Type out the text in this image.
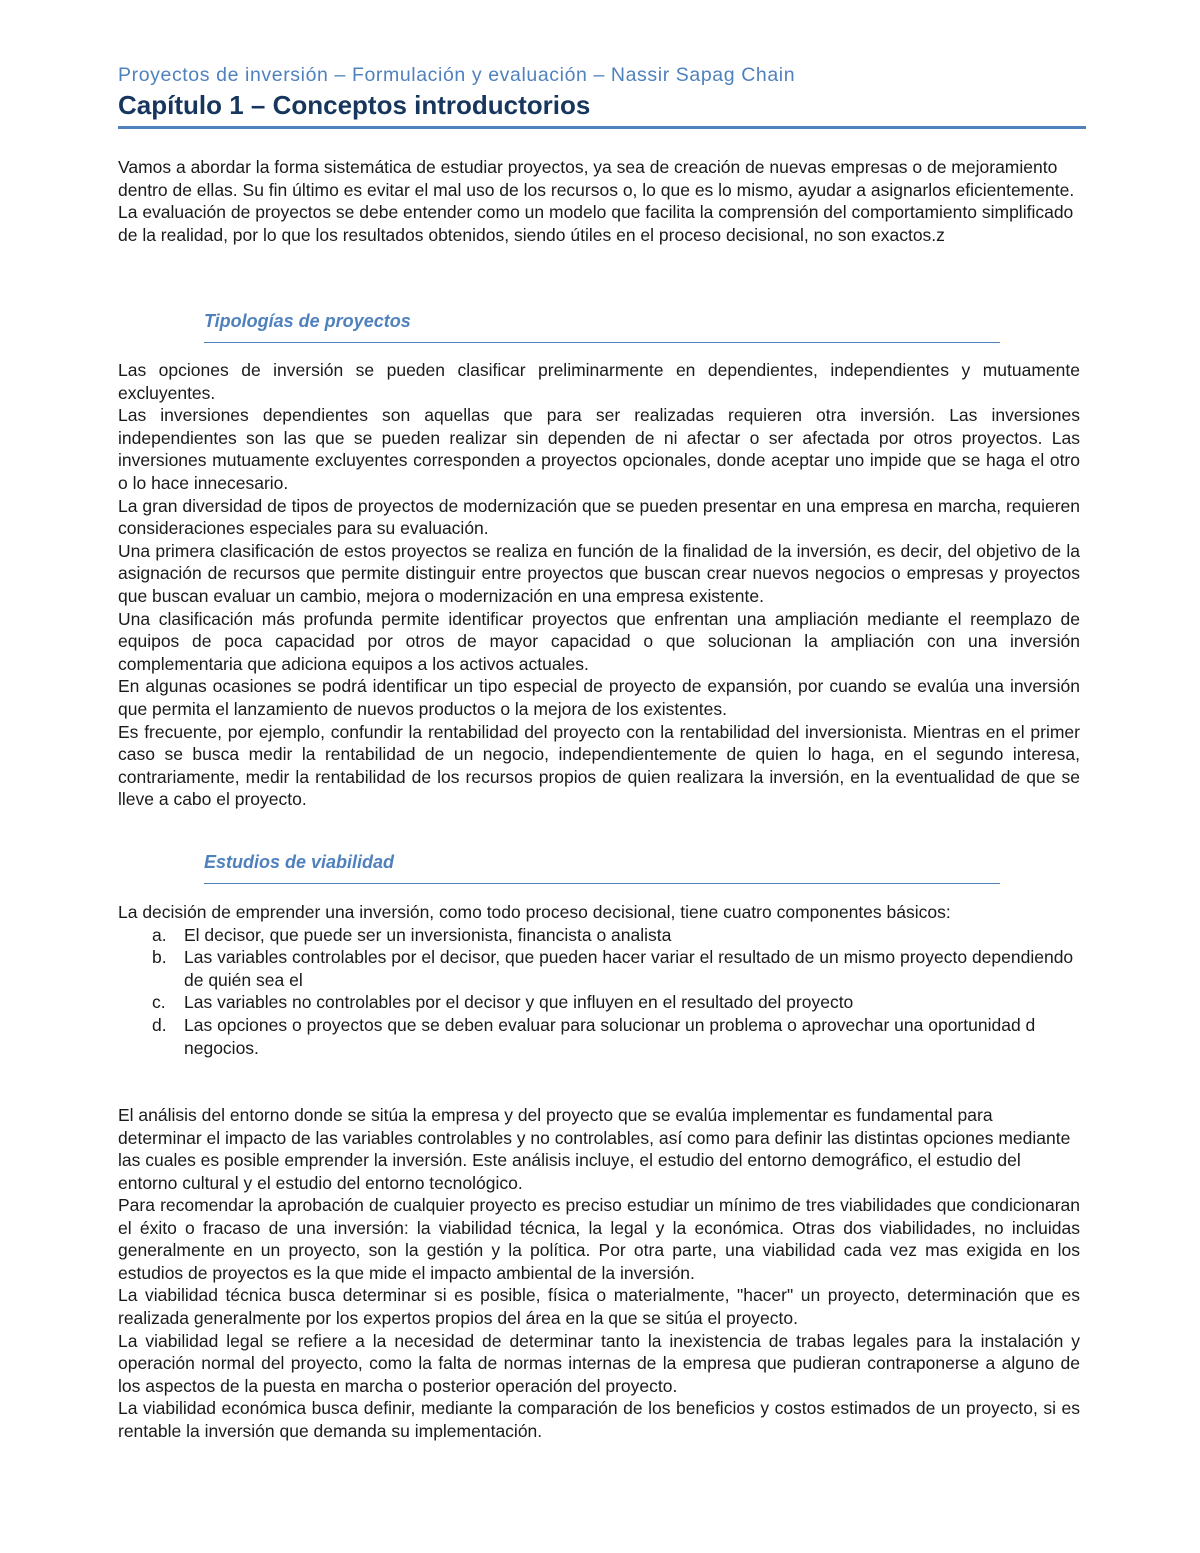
Proyectos de inversión – Formulación y evaluación – Nassir Sapag Chain
Capítulo 1 – Conceptos introductorios

Vamos a abordar la forma sistemática de estudiar proyectos, ya sea de creación de nuevas empresas o de mejoramiento dentro de ellas. Su fin último es evitar el mal uso de los recursos o, lo que es lo mismo, ayudar a asignarlos eficientemente.

La evaluación de proyectos se debe entender como un modelo que facilita la comprensión del comportamiento simplificado de la realidad, por lo que los resultados obtenidos, siendo útiles en el proceso decisional, no son exactos.z

Tipologías de proyectos

Las opciones de inversión se pueden clasificar preliminarmente en dependientes, independientes y mutuamente excluyentes.

Las inversiones dependientes son aquellas que para ser realizadas requieren otra inversión. Las inversiones independientes son las que se pueden realizar sin dependen de ni afectar o ser afectada por otros proyectos. Las inversiones mutuamente excluyentes corresponden a proyectos opcionales, donde aceptar uno impide que se haga el otro o lo hace innecesario.

La gran diversidad de tipos de proyectos de modernización que se pueden presentar en una empresa en marcha, requieren consideraciones especiales para su evaluación.

Una primera clasificación de estos proyectos se realiza en función de la finalidad de la inversión, es decir, del objetivo de la asignación de recursos que permite distinguir entre proyectos que buscan crear nuevos negocios o empresas y proyectos que buscan evaluar un cambio, mejora o modernización en una empresa existente.

Una clasificación más profunda permite identificar proyectos que enfrentan una ampliación mediante el reemplazo de equipos de poca capacidad por otros de mayor capacidad o que solucionan la ampliación con una inversión complementaria que adiciona equipos a los activos actuales.

En algunas ocasiones se podrá identificar un tipo especial de proyecto de expansión, por cuando se evalúa una inversión que permita el lanzamiento de nuevos productos o la mejora de los existentes.

Es frecuente, por ejemplo, confundir la rentabilidad del proyecto con la rentabilidad del inversionista. Mientras en el primer caso se busca medir la rentabilidad de un negocio, independientemente de quien lo haga, en el segundo interesa, contrariamente, medir la rentabilidad de los recursos propios de quien realizara la inversión, en la eventualidad de que se lleve a cabo el proyecto.

Estudios de viabilidad

La decisión de emprender una inversión, como todo proceso decisional, tiene cuatro componentes básicos:

a. El decisor, que puede ser un inversionista, financista o analista
b. Las variables controlables por el decisor, que pueden hacer variar el resultado de un mismo proyecto dependiendo de quién sea el
c. Las variables no controlables por el decisor y que influyen en el resultado del proyecto
d. Las opciones o proyectos que se deben evaluar para solucionar un problema o aprovechar una oportunidad d negocios.

El análisis del entorno donde se sitúa la empresa y del proyecto que se evalúa implementar es fundamental para determinar el impacto de las variables controlables y no controlables, así como para definir las distintas opciones mediante las cuales es posible emprender la inversión. Este análisis incluye, el estudio del entorno demográfico, el estudio del entorno cultural y el estudio del entorno tecnológico.

Para recomendar la aprobación de cualquier proyecto es preciso estudiar un mínimo de tres viabilidades que condicionaran el éxito o fracaso de una inversión: la viabilidad técnica, la legal y la económica. Otras dos viabilidades, no incluidas generalmente en un proyecto, son la gestión y la política. Por otra parte, una viabilidad cada vez mas exigida en los estudios de proyectos es la que mide el impacto ambiental de la inversión.

La viabilidad técnica busca determinar si es posible, física o materialmente, "hacer" un proyecto, determinación que es realizada generalmente por los expertos propios del área en la que se sitúa el proyecto.

La viabilidad legal se refiere a la necesidad de determinar tanto la inexistencia de trabas legales para la instalación y operación normal del proyecto, como la falta de normas internas de la empresa que pudieran contraponerse a alguno de los aspectos de la puesta en marcha o posterior operación del proyecto.

La viabilidad económica busca definir, mediante la comparación de los beneficios y costos estimados de un proyecto, si es rentable la inversión que demanda su implementación.
